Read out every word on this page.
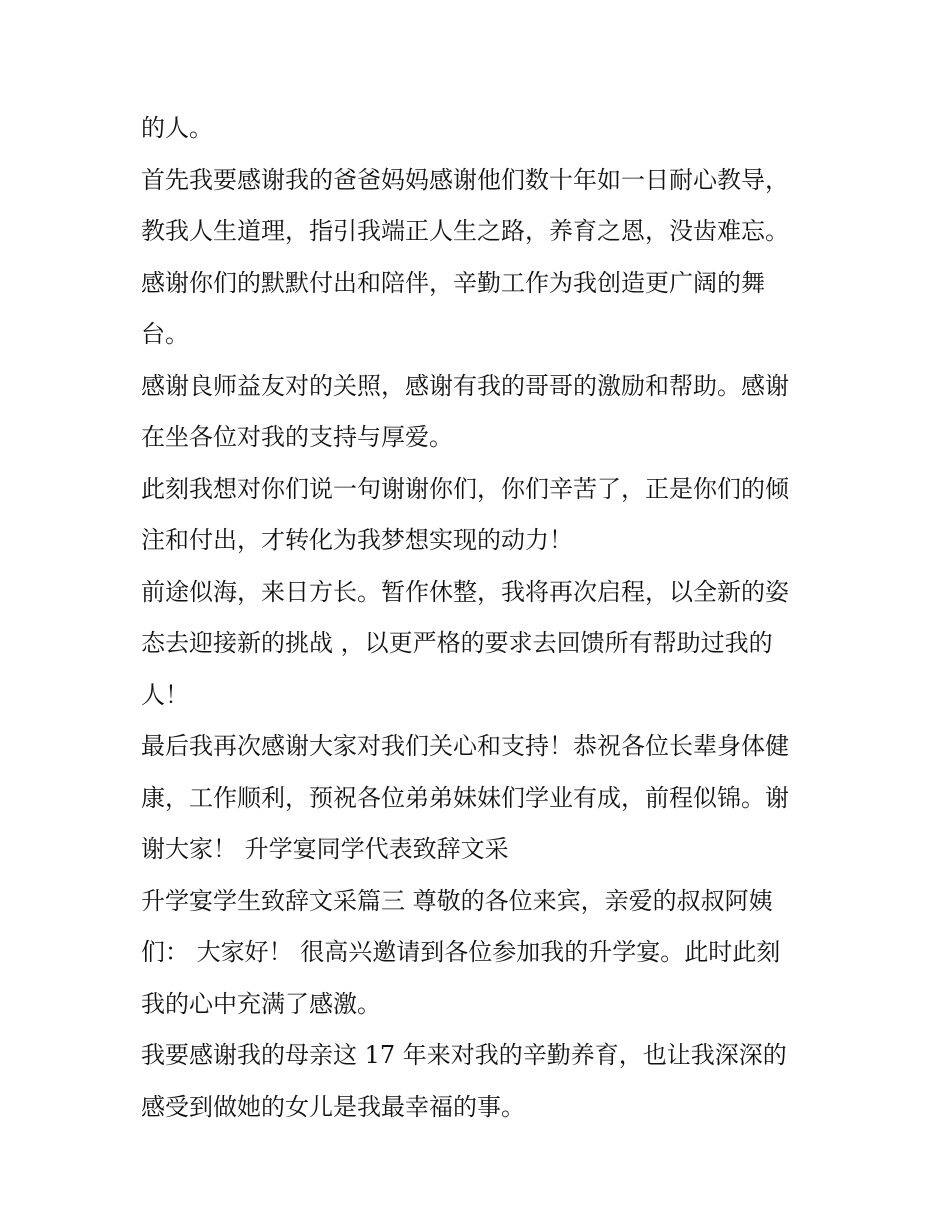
的人。
首先我要感谢我的爸爸妈妈感谢他们数十年如一日耐心教导，
教我人生道理，指引我端正人生之路，养育之恩，没齿难忘。
感谢你们的默默付出和陪伴，辛勤工作为我创造更广阔的舞
台。
感谢良师益友对的关照，感谢有我的哥哥的激励和帮助。感谢
在坐各位对我的支持与厚爱。
此刻我想对你们说一句谢谢你们，你们辛苦了，正是你们的倾
注和付出，才转化为我梦想实现的动力！
前途似海，来日方长。暂作休整，我将再次启程，以全新的姿
态去迎接新的挑战 ，以更严格的要求去回馈所有帮助过我的
人！
最后我再次感谢大家对我们关心和支持！恭祝各位长辈身体健
康，工作顺利，预祝各位弟弟妹妹们学业有成，前程似锦。谢
谢大家！ 升学宴同学代表致辞文采
升学宴学生致辞文采篇三 尊敬的各位来宾，亲爱的叔叔阿姨
们： 大家好！ 很高兴邀请到各位参加我的升学宴。此时此刻
我的心中充满了感激。
我要感谢我的母亲这 17 年来对我的辛勤养育，也让我深深的
感受到做她的女儿是我最幸福的事。
